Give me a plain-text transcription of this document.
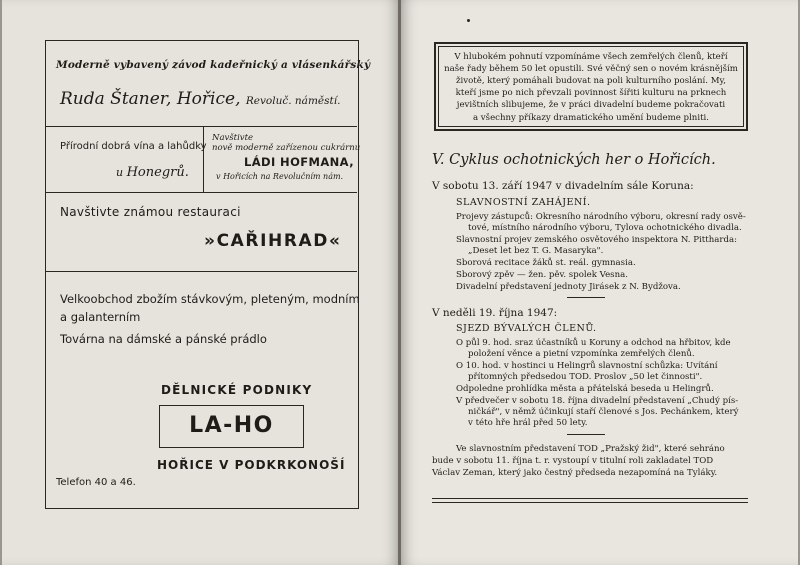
Moderně vybavený závod kadeřnický a vlásenkářský
Ruda Štaner, Hořice, Revoluč. náměstí.
Přírodní dobrá vína a lahůdky
u Honegrů.
Navštivte
nově moderně zařízenou cukrárnu
LÁDI HOFMANA,
v Hořicích na Revolučním nám.
Navštivte známou restauraci
»CAŘIHRAD«
Velkoobchod zbožím stávkovým, pleteným, modním
a galanterním
Továrna na dámské a pánské prádlo
DĚLNICKÉ PODNIKY
LA-HO
HOŘICE V PODKRKONOŠÍ
Telefon 40 a 46.
V hlubokém pohnutí vzpomínáme všech zemřelých členů, kteří
naše řady během 50 let opustili. Své věčný sen o novém krásnějším
životě, který pomáhali budovat na poli kulturního poslání. My,
kteří jsme po nich převzali povinnost šířiti kulturu na prknech
jevištních slibujeme, že v práci divadelní budeme pokračovati
a všechny příkazy dramatického umění budeme plniti.
V. Cyklus ochotnických her o Hořicích.
V sobotu 13. září 1947 v divadelním sále Koruna:
SLAVNOSTNÍ ZAHÁJENÍ.
Projevy zástupců: Okresního národního výboru, okresní rady osvě-
tové, místního národního výboru, Tylova ochotnického divadla.
Slavnostní projev zemského osvětového inspektora N. Pittharda:
„Deset let bez T. G. Masaryka".
Sborová recitace žáků st. reál. gymnasia.
Sborový zpěv — žen. pěv. spolek Vesna.
Divadelní představení jednoty Jirásek z N. Bydžova.
V neděli 19. října 1947:
SJEZD BÝVALÝCH ČLENŮ.
O půl 9. hod. sraz účastníků u Koruny a odchod na hřbitov, kde
položení věnce a pietní vzpomínka zemřelých členů.
O 10. hod. v hostinci u Helingrů slavnostní schůzka: Uvítání
přítomných předsedou TOD. Proslov „50 let činnosti".
Odpoledne prohlídka města a přátelská beseda u Helingrů.
V předvečer v sobotu 18. října divadelní představení „Chudý pís-
ničkář", v němž účinkují staří členové s Jos. Pechánkem, který
v této hře hrál před 50 lety.
Ve slavnostním představení TOD „Pražský žid", které sehráno
bude v sobotu 11. října t. r. vystoupí v titulní roli zakladatel TOD
Václav Zeman, který jako čestný předseda nezapomíná na Tyláky.
